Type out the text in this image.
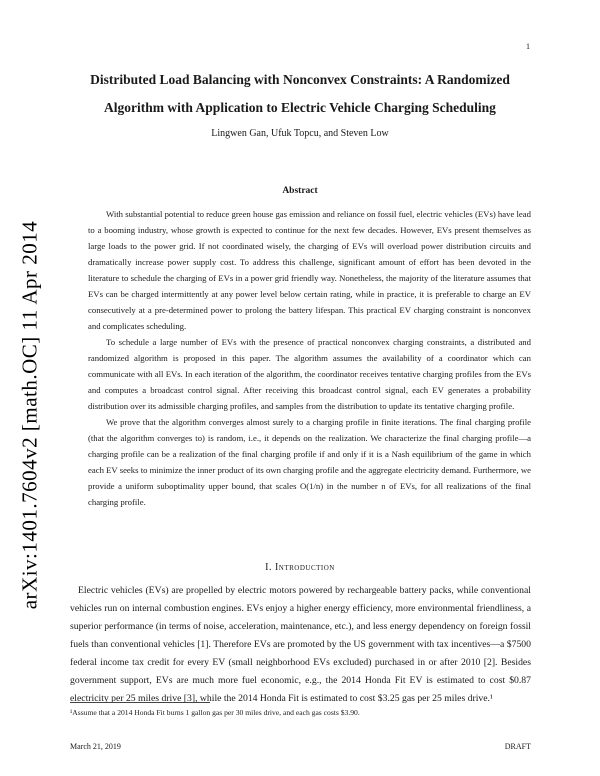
1
arXiv:1401.7604v2 [math.OC] 11 Apr 2014
Distributed Load Balancing with Nonconvex Constraints: A Randomized Algorithm with Application to Electric Vehicle Charging Scheduling
Lingwen Gan, Ufuk Topcu, and Steven Low
Abstract

With substantial potential to reduce green house gas emission and reliance on fossil fuel, electric vehicles (EVs) have lead to a booming industry, whose growth is expected to continue for the next few decades. However, EVs present themselves as large loads to the power grid. If not coordinated wisely, the charging of EVs will overload power distribution circuits and dramatically increase power supply cost. To address this challenge, significant amount of effort has been devoted in the literature to schedule the charging of EVs in a power grid friendly way. Nonetheless, the majority of the literature assumes that EVs can be charged intermittently at any power level below certain rating, while in practice, it is preferable to charge an EV consecutively at a pre-determined power to prolong the battery lifespan. This practical EV charging constraint is nonconvex and complicates scheduling.

To schedule a large number of EVs with the presence of practical nonconvex charging constraints, a distributed and randomized algorithm is proposed in this paper. The algorithm assumes the availability of a coordinator which can communicate with all EVs. In each iteration of the algorithm, the coordinator receives tentative charging profiles from the EVs and computes a broadcast control signal. After receiving this broadcast control signal, each EV generates a probability distribution over its admissible charging profiles, and samples from the distribution to update its tentative charging profile.

We prove that the algorithm converges almost surely to a charging profile in finite iterations. The final charging profile (that the algorithm converges to) is random, i.e., it depends on the realization. We characterize the final charging profile—a charging profile can be a realization of the final charging profile if and only if it is a Nash equilibrium of the game in which each EV seeks to minimize the inner product of its own charging profile and the aggregate electricity demand. Furthermore, we provide a uniform suboptimality upper bound, that scales O(1/n) in the number n of EVs, for all realizations of the final charging profile.

I. Introduction

Electric vehicles (EVs) are propelled by electric motors powered by rechargeable battery packs, while conventional vehicles run on internal combustion engines. EVs enjoy a higher energy efficiency, more environmental friendliness, a superior performance (in terms of noise, acceleration, maintenance, etc.), and less energy dependency on foreign fossil fuels than conventional vehicles [1]. Therefore EVs are promoted by the US government with tax incentives—a $7500 federal income tax credit for every EV (small neighborhood EVs excluded) purchased in or after 2010 [2]. Besides government support, EVs are much more fuel economic, e.g., the 2014 Honda Fit EV is estimated to cost $0.87 electricity per 25 miles drive [3], while the 2014 Honda Fit is estimated to cost $3.25 gas per 25 miles drive.¹

¹Assume that a 2014 Honda Fit burns 1 gallon gas per 30 miles drive, and each gas costs $3.90.
March 21, 2019	DRAFT
